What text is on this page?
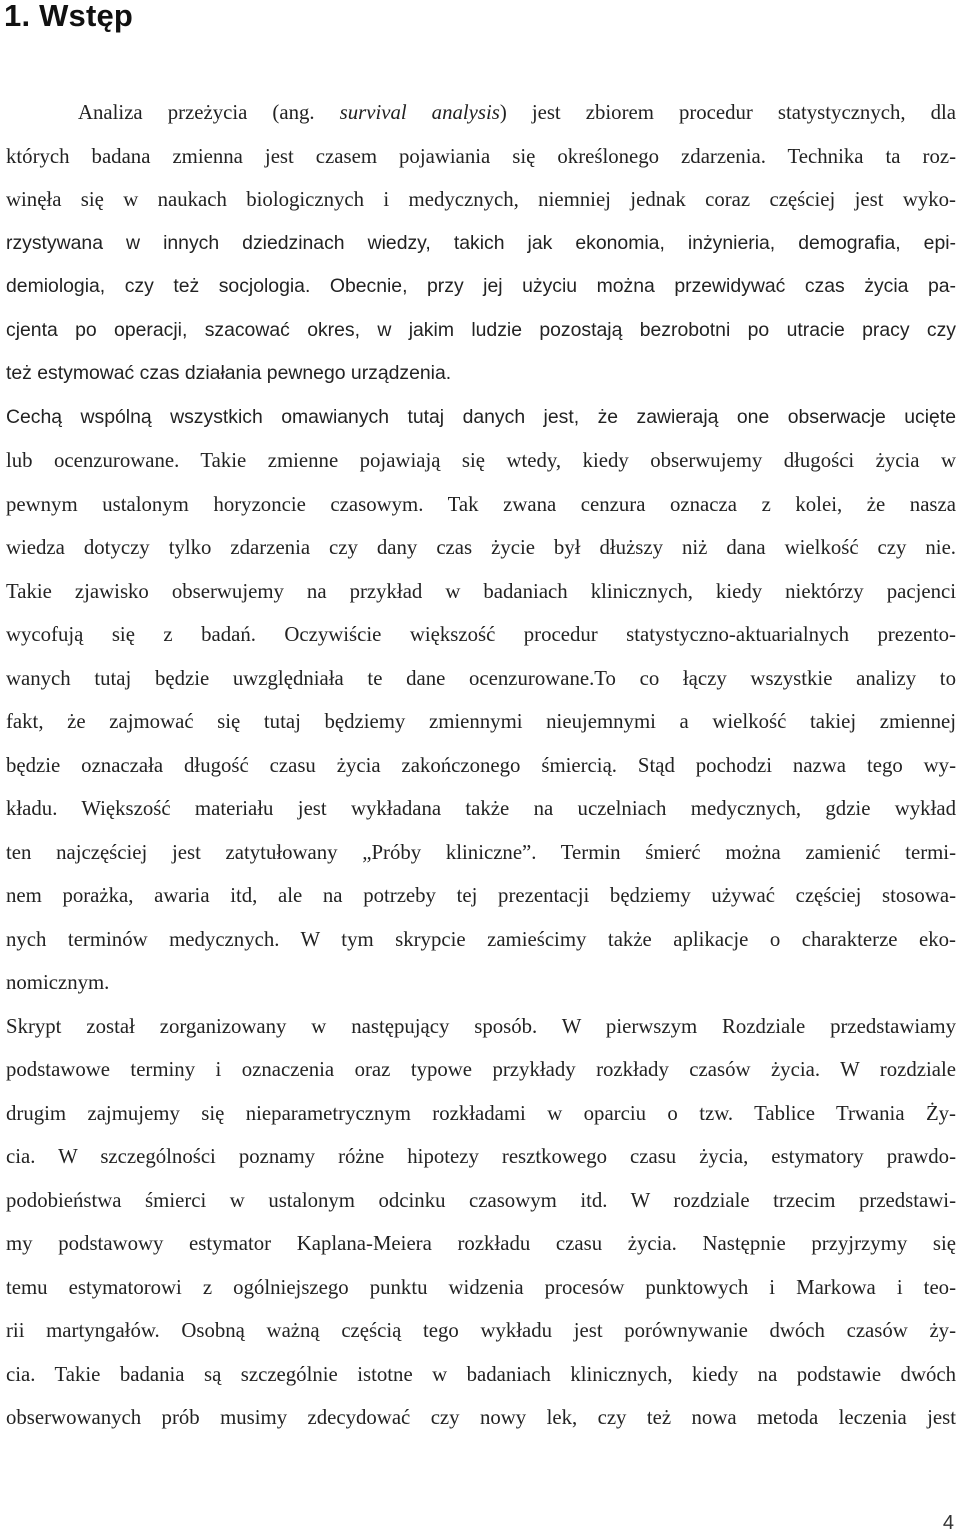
1. Wstęp
Analiza przeżycia (ang. survival analysis) jest zbiorem procedur statystycznych, dla
których badana zmienna jest czasem pojawiania się określonego zdarzenia. Technika ta roz-
winęła się w naukach biologicznych i medycznych, niemniej jednak coraz częściej jest wyko-
rzystywana w innych dziedzinach wiedzy, takich jak ekonomia, inżynieria, demografia, epi-
demiologia, czy też socjologia. Obecnie, przy jej użyciu można przewidywać czas życia pa-
cjenta po operacji, szacować okres, w jakim ludzie pozostają bezrobotni po utracie pracy czy
też estymować czas działania pewnego urządzenia.
Cechą wspólną wszystkich omawianych tutaj danych jest, że zawierają one obserwacje ucięte
lub ocenzurowane. Takie zmienne pojawiają się wtedy, kiedy obserwujemy długości życia w
pewnym ustalonym horyzoncie czasowym. Tak zwana cenzura oznacza z kolei, że nasza
wiedza dotyczy tylko zdarzenia czy dany czas życie był dłuższy niż dana wielkość czy nie.
Takie zjawisko obserwujemy na przykład w badaniach klinicznych, kiedy niektórzy pacjenci
wycofują się z badań. Oczywiście większość procedur statystyczno-aktuarialnych prezento-
wanych tutaj będzie uwzględniała te dane ocenzurowane.To co łączy wszystkie analizy to
fakt, że zajmować się tutaj będziemy zmiennymi nieujemnymi a wielkość takiej zmiennej
będzie oznaczała długość czasu życia zakończonego śmiercią. Stąd pochodzi nazwa tego wy-
kładu. Większość materiału jest wykładana także na uczelniach medycznych, gdzie wykład
ten najczęściej jest zatytułowany „Próby kliniczne”. Termin śmierć można zamienić termi-
nem porażka, awaria itd, ale na potrzeby tej prezentacji będziemy używać częściej stosowa-
nych terminów medycznych. W tym skrypcie zamieścimy także aplikacje o charakterze eko-
nomicznym.
Skrypt został zorganizowany w następujący sposób. W pierwszym Rozdziale przedstawiamy
podstawowe terminy i oznaczenia oraz typowe przykłady rozkłady czasów życia. W rozdziale
drugim zajmujemy się nieparametrycznym rozkładami w oparciu o tzw. Tablice Trwania Ży-
cia. W szczególności poznamy różne hipotezy resztkowego czasu życia, estymatory prawdo-
podobieństwa śmierci w ustalonym odcinku czasowym itd. W rozdziale trzecim przedstawi-
my podstawowy estymator Kaplana-Meiera rozkładu czasu życia. Następnie przyjrzymy się
temu estymatorowi z ogólniejszego punktu widzenia procesów punktowych i Markowa i teo-
rii martyngałów. Osobną ważną częścią tego wykładu jest porównywanie dwóch czasów ży-
cia. Takie badania są szczególnie istotne w badaniach klinicznych, kiedy na podstawie dwóch
obserwowanych prób musimy zdecydować czy nowy lek, czy też nowa metoda leczenia jest
4
